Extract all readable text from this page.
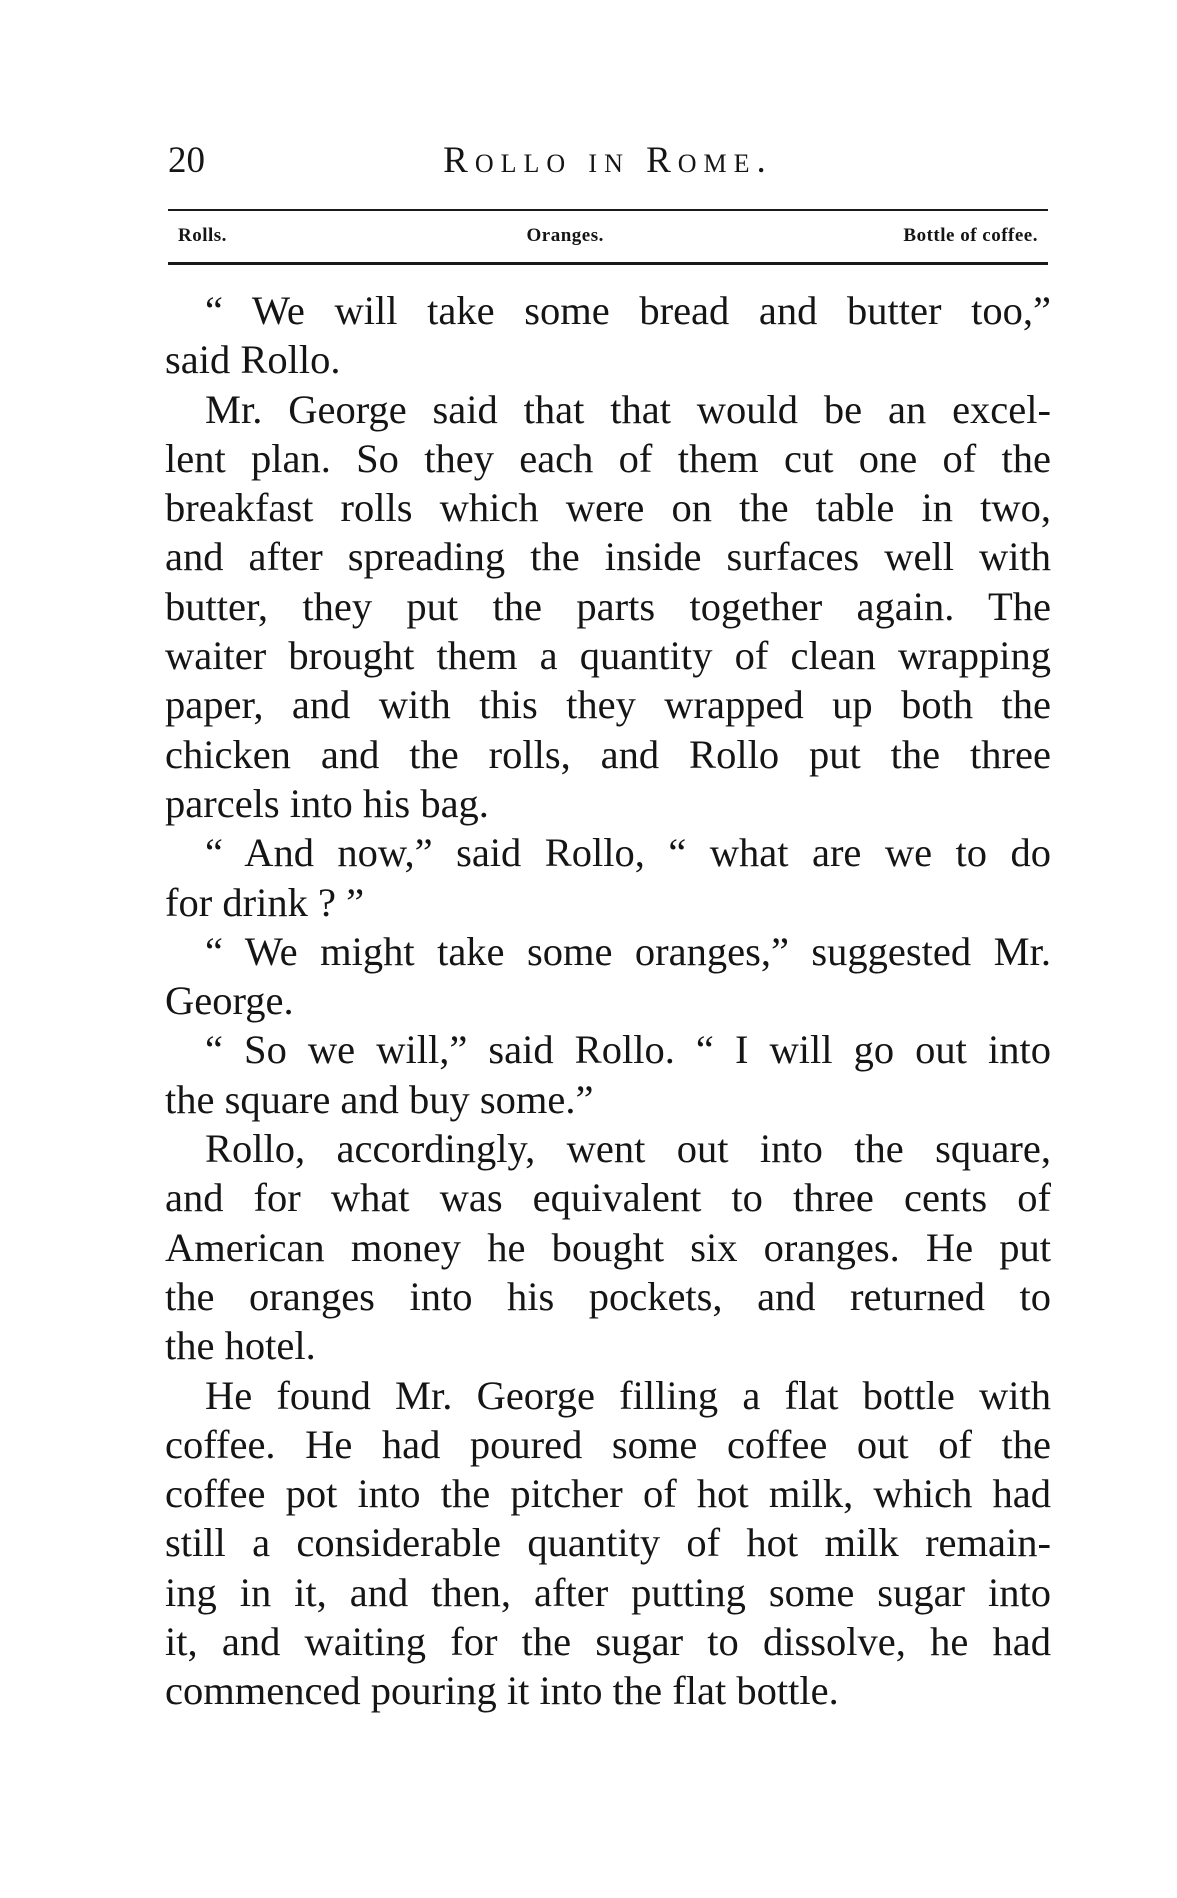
20	Rollo in Rome.
Rolls.	Oranges.	Bottle of coffee.

“ We will take some bread and butter too,”
said Rollo.

Mr. George said that that would be an excel-
lent plan. So they each of them cut one of the
breakfast rolls which were on the table in two,
and after spreading the inside surfaces well with
butter, they put the parts together again. The
waiter brought them a quantity of clean wrapping
paper, and with this they wrapped up both the
chicken and the rolls, and Rollo put the three
parcels into his bag.

“ And now,” said Rollo, “ what are we to do
for drink ? ”

“ We might take some oranges,” suggested Mr.
George.

“ So we will,” said Rollo. “ I will go out into
the square and buy some.”

Rollo, accordingly, went out into the square,
and for what was equivalent to three cents of
American money he bought six oranges. He put
the oranges into his pockets, and returned to
the hotel.

He found Mr. George filling a flat bottle with
coffee. He had poured some coffee out of the
coffee pot into the pitcher of hot milk, which had
still a considerable quantity of hot milk remain-
ing in it, and then, after putting some sugar into
it, and waiting for the sugar to dissolve, he had
commenced pouring it into the flat bottle.
